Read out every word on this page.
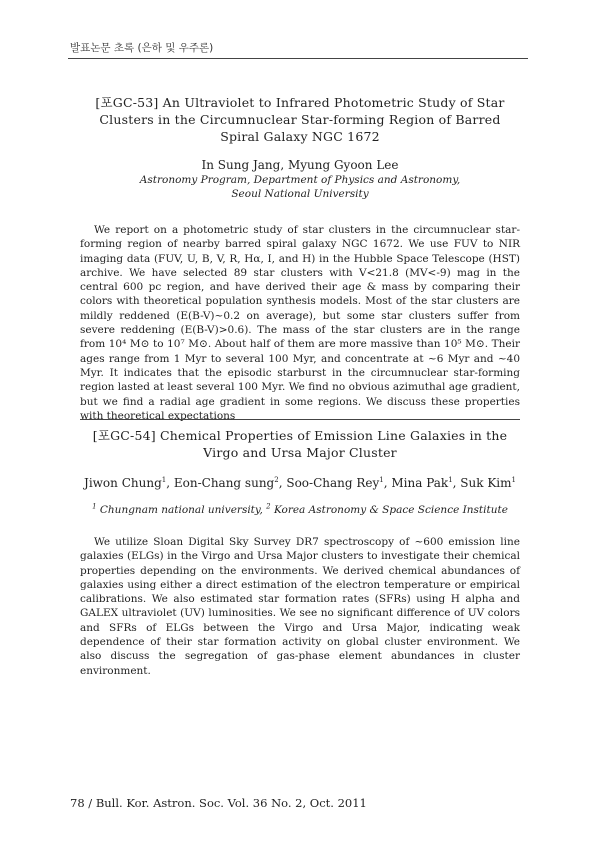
발표논문 초록 (은하 및 우주론)
[포GC-53] An Ultraviolet to Infrared Photometric Study of Star Clusters in the Circumnuclear Star-forming Region of Barred Spiral Galaxy NGC 1672
In Sung Jang, Myung Gyoon Lee
Astronomy Program, Department of Physics and Astronomy,
Seoul National University
We report on a photometric study of star clusters in the circumnuclear star-forming region of nearby barred spiral galaxy NGC 1672. We use FUV to NIR imaging data (FUV, U, B, V, R, Hα, I, and H) in the Hubble Space Telescope (HST) archive. We have selected 89 star clusters with V<21.8 (MV<-9) mag in the central 600 pc region, and have derived their age & mass by comparing their colors with theoretical population synthesis models. Most of the star clusters are mildly reddened (E(B-V)~0.2 on average), but some star clusters suffer from severe reddening (E(B-V)>0.6). The mass of the star clusters are in the range from 10⁴ M⊙ to 10⁷ M⊙. About half of them are more massive than 10⁵ M⊙. Their ages range from 1 Myr to several 100 Myr, and concentrate at ~6 Myr and ~40 Myr. It indicates that the episodic starburst in the circumnuclear star-forming region lasted at least several 100 Myr. We find no obvious azimuthal age gradient, but we find a radial age gradient in some regions. We discuss these properties with theoretical expectations
[포GC-54] Chemical Properties of Emission Line Galaxies in the Virgo and Ursa Major Cluster
Jiwon Chung$^1$, Eon-Chang sung$^2$, Soo-Chang Rey$^1$, Mina Pak$^1$, Suk Kim$^1$
$^1$ Chungnam national university, $^2$ Korea Astronomy & Space Science Institute
We utilize Sloan Digital Sky Survey DR7 spectroscopy of ~600 emission line galaxies (ELGs) in the Virgo and Ursa Major clusters to investigate their chemical properties depending on the environments. We derived chemical abundances of galaxies using either a direct estimation of the electron temperature or empirical calibrations. We also estimated star formation rates (SFRs) using H alpha and GALEX ultraviolet (UV) luminosities. We see no significant difference of UV colors and SFRs of ELGs between the Virgo and Ursa Major, indicating weak dependence of their star formation activity on global cluster environment. We also discuss the segregation of gas-phase element abundances in cluster environment.
78 / Bull. Kor. Astron. Soc. Vol. 36 No. 2, Oct. 2011
